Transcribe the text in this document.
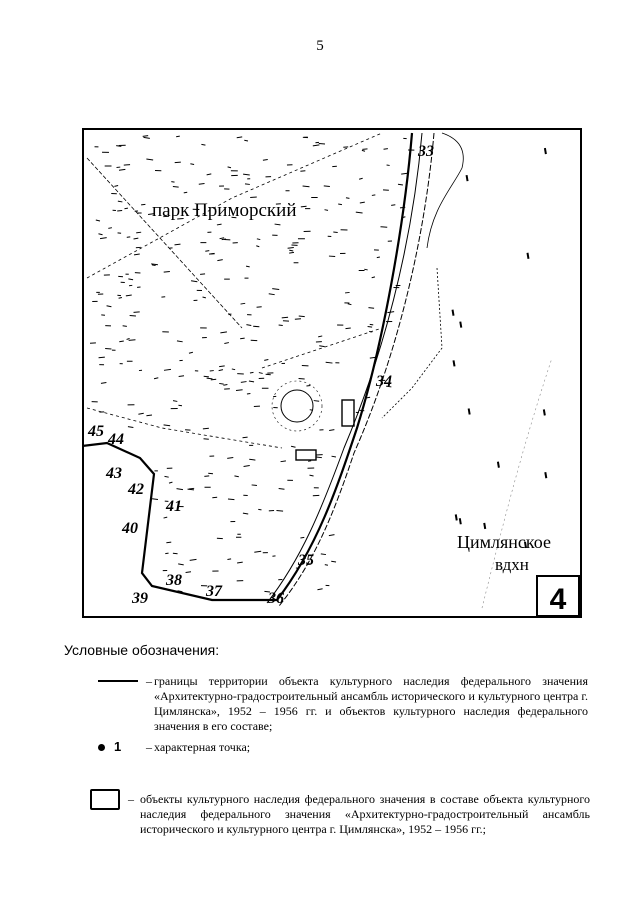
5
парк Приморский
Цимлянское
вдхн
4
33
34
35
36
37
38
39
40
41
42
43
44
45
Условные обозначения:
– границы территории объекта культурного наследия федерального значения «Архитектурно-градостроительный ансамбль исторического и культурного центра г. Цимлянска», 1952 – 1956 гг. и объектов культурного наследия федерального значения в его составе;
1 – характерная точка;
– объекты культурного наследия федерального значения в составе объекта культурного наследия федерального значения «Архитектурно-градостроительный ансамбль исторического и культурного центра г. Цимлянска», 1952 – 1956 гг.;
